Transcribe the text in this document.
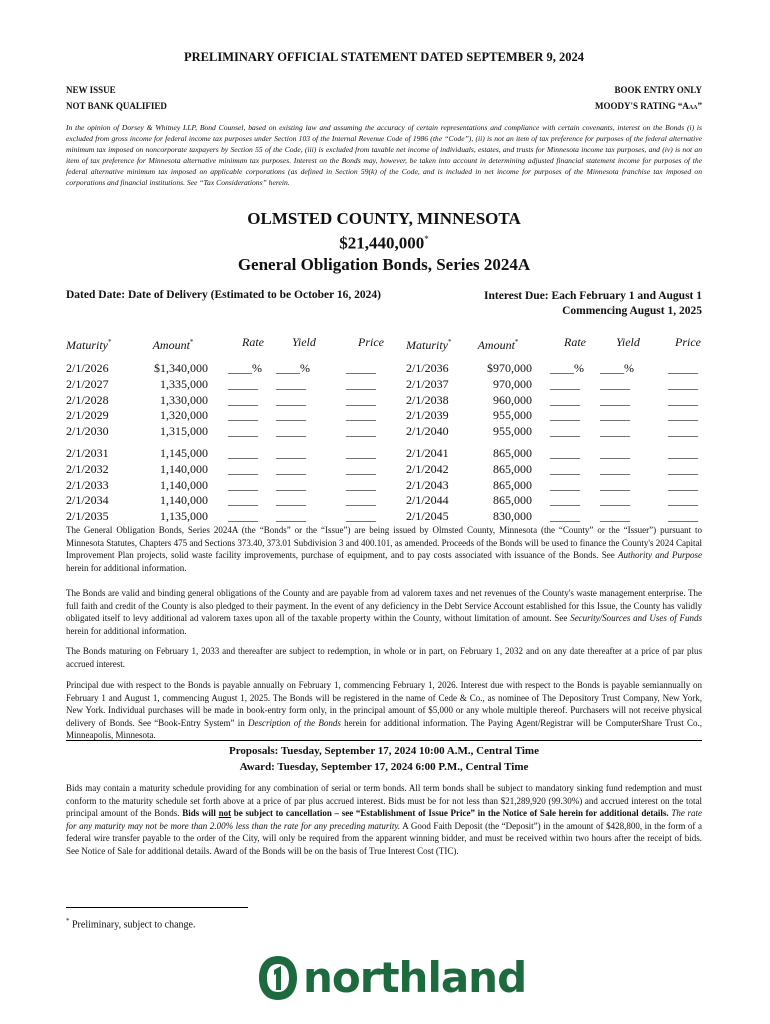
PRELIMINARY OFFICIAL STATEMENT DATED SEPTEMBER 9, 2024
NEW ISSUE
NOT BANK QUALIFIED
BOOK ENTRY ONLY
MOODY'S RATING “Aaa”
In the opinion of Dorsey & Whitney LLP, Bond Counsel, based on existing law and assuming the accuracy of certain representations and compliance with certain covenants, interest on the Bonds (i) is excluded from gross income for federal income tax purposes under Section 103 of the Internal Revenue Code of 1986 (the “Code”), (ii) is not an item of tax preference for purposes of the federal alternative minimum tax imposed on noncorporate taxpayers by Section 55 of the Code, (iii) is excluded from taxable net income of individuals, estates, and trusts for Minnesota income tax purposes, and (iv) is not an item of tax preference for Minnesota alternative minimum tax purposes. Interest on the Bonds may, however, be taken into account in determining adjusted financial statement income for purposes of the federal alternative minimum tax imposed on applicable corporations (as defined in Section 59(k) of the Code, and is included in net income for purposes of the Minnesota franchise tax imposed on corporations and financial institutions. See “Tax Considerations” herein.
OLMSTED COUNTY, MINNESOTA
$21,440,000*
General Obligation Bonds, Series 2024A
Dated Date: Date of Delivery (Estimated to be October 16, 2024)	Interest Due: Each February 1 and August 1
Commencing August 1, 2025
Maturity*
2/1/2026
2/1/2027
2/1/2028
2/1/2029
2/1/2030
2/1/2031
2/1/2032
2/1/2033
2/1/2034
2/1/2035
Amount*
$1,340,000
1,335,000
1,330,000
1,320,000
1,315,000
1,145,000
1,140,000
1,140,000
1,140,000
1,135,000
Rate
____%
_____
_____
_____
_____
_____
_____
_____
_____
_____
Yield
____%
_____
_____
_____
_____
_____
_____
_____
_____
_____
Price
_____
_____
_____
_____
_____
_____
_____
_____
_____
_____
Maturity*
2/1/2036
2/1/2037
2/1/2038
2/1/2039
2/1/2040
2/1/2041
2/1/2042
2/1/2043
2/1/2044
2/1/2045
Amount*
$970,000
970,000
960,000
955,000
955,000
865,000
865,000
865,000
865,000
830,000
Rate
____%
_____
_____
_____
_____
_____
_____
_____
_____
_____
Yield
____%
_____
_____
_____
_____
_____
_____
_____
_____
_____
Price
_____
_____
_____
_____
_____
_____
_____
_____
_____
_____
The General Obligation Bonds, Series 2024A (the “Bonds” or the “Issue”) are being issued by Olmsted County, Minnesota (the “County” or the “Issuer”) pursuant to Minnesota Statutes, Chapters 475 and Sections 373.40, 373.01 Subdivision 3 and 400.101, as amended. Proceeds of the Bonds will be used to finance the County's 2024 Capital Improvement Plan projects, solid waste facility improvements, purchase of equipment, and to pay costs associated with issuance of the Bonds. See Authority and Purpose herein for additional information.
The Bonds are valid and binding general obligations of the County and are payable from ad valorem taxes and net revenues of the County's waste management enterprise. The full faith and credit of the County is also pledged to their payment. In the event of any deficiency in the Debt Service Account established for this Issue, the County has validly obligated itself to levy additional ad valorem taxes upon all of the taxable property within the County, without limitation of amount. See Security/Sources and Uses of Funds herein for additional information.
The Bonds maturing on February 1, 2033 and thereafter are subject to redemption, in whole or in part, on February 1, 2032 and on any date thereafter at a price of par plus accrued interest.
Principal due with respect to the Bonds is payable annually on February 1, commencing February 1, 2026. Interest due with respect to the Bonds is payable semiannually on February 1 and August 1, commencing August 1, 2025. The Bonds will be registered in the name of Cede & Co., as nominee of The Depository Trust Company, New York, New York. Individual purchases will be made in book-entry form only, in the principal amount of $5,000 or any whole multiple thereof. Purchasers will not receive physical delivery of Bonds. See “Book-Entry System” in Description of the Bonds herein for additional information. The Paying Agent/Registrar will be ComputerShare Trust Co., Minneapolis, Minnesota.
Proposals: Tuesday, September 17, 2024 10:00 A.M., Central Time
Award: Tuesday, September 17, 2024 6:00 P.M., Central Time
Bids may contain a maturity schedule providing for any combination of serial or term bonds. All term bonds shall be subject to mandatory sinking fund redemption and must conform to the maturity schedule set forth above at a price of par plus accrued interest. Bids must be for not less than $21,289,920 (99.30%) and accrued interest on the total principal amount of the Bonds. Bids will not be subject to cancellation – see “Establishment of Issue Price” in the Notice of Sale herein for additional details. The rate for any maturity may not be more than 2.00% less than the rate for any preceding maturity. A Good Faith Deposit (the “Deposit”) in the amount of $428,800, in the form of a federal wire transfer payable to the order of the City, will only be required from the apparent winning bidder, and must be received within two hours after the receipt of bids. See Notice of Sale for additional details. Award of the Bonds will be on the basis of True Interest Cost (TIC).
* Preliminary, subject to change.
northland
